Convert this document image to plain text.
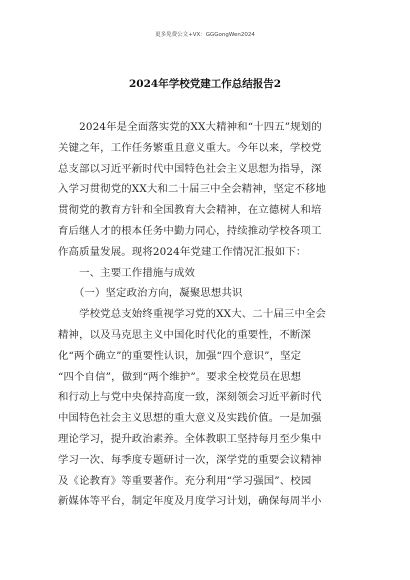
更多免费公文+VX：GGGongWen2024
2024年学校党建工作总结报告2

　　2024年是全面落实党的XX大精神和“十四五”规划的

关键之年，工作任务繁重且意义重大。今年以来，学校党

总支部以习近平新时代中国特色社会主义思想为指导，深

入学习贯彻党的XX大和二十届三中全会精神，坚定不移地

贯彻党的教育方针和全国教育大会精神，在立德树人和培

育后继人才的根本任务中勤力同心，持续推动学校各项工

作高质量发展。现将2024年党建工作情况汇报如下：

　　一、主要工作措施与成效

　　（一）坚定政治方向，凝聚思想共识

　　学校党总支始终重视学习党的XX大、二十届三中全会

精神，以及马克思主义中国化时代化的重要性，不断深

化“两个确立”的重要性认识，加强“四个意识”，坚定

“四个自信”，做到“两个维护”。要求全校党员在思想

和行动上与党中央保持高度一致，深刻领会习近平新时代

中国特色社会主义思想的重大意义及实践价值。一是加强

理论学习，提升政治素养。全体教职工坚持每月至少集中

学习一次、每季度专题研讨一次，深学党的重要会议精神

及《论教育》等重要著作。充分利用“学习强国”、校园

新媒体等平台，制定年度及月度学习计划，确保每周半小
